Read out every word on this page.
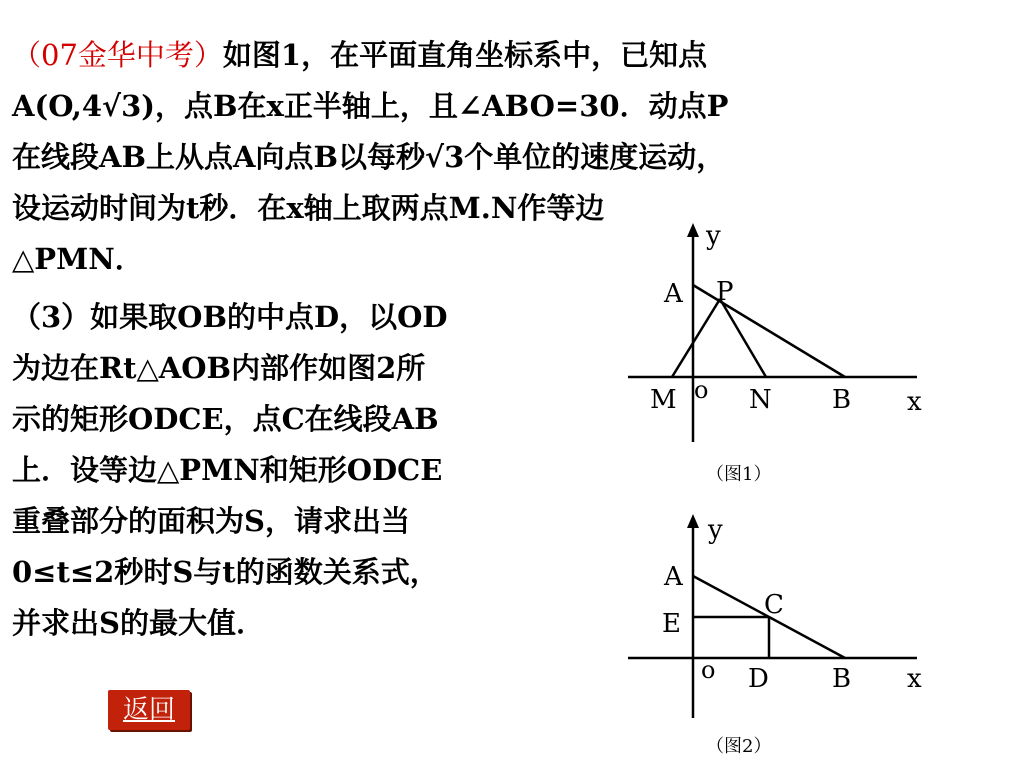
（07金华中考）如图1，在平面直角坐标系中，已知点
A(O,4√3)，点B在x正半轴上，且∠ABO=30．动点P
在线段AB上从点A向点B以每秒√3个单位的速度运动，
设运动时间为t秒．在x轴上取两点M.N作等边
△PMN．
（3）如果取OB的中点D，以OD
为边在Rt△AOB内部作如图2所
示的矩形ODCE，点C在线段AB
上．设等边△PMN和矩形ODCE
重叠部分的面积为S，请求出当
0≤t≤2秒时S与t的函数关系式，
并求出S的最大值．
y
A P
M o N B x
（图1）
y
A
C
E
o D B x
（图2）
返回
